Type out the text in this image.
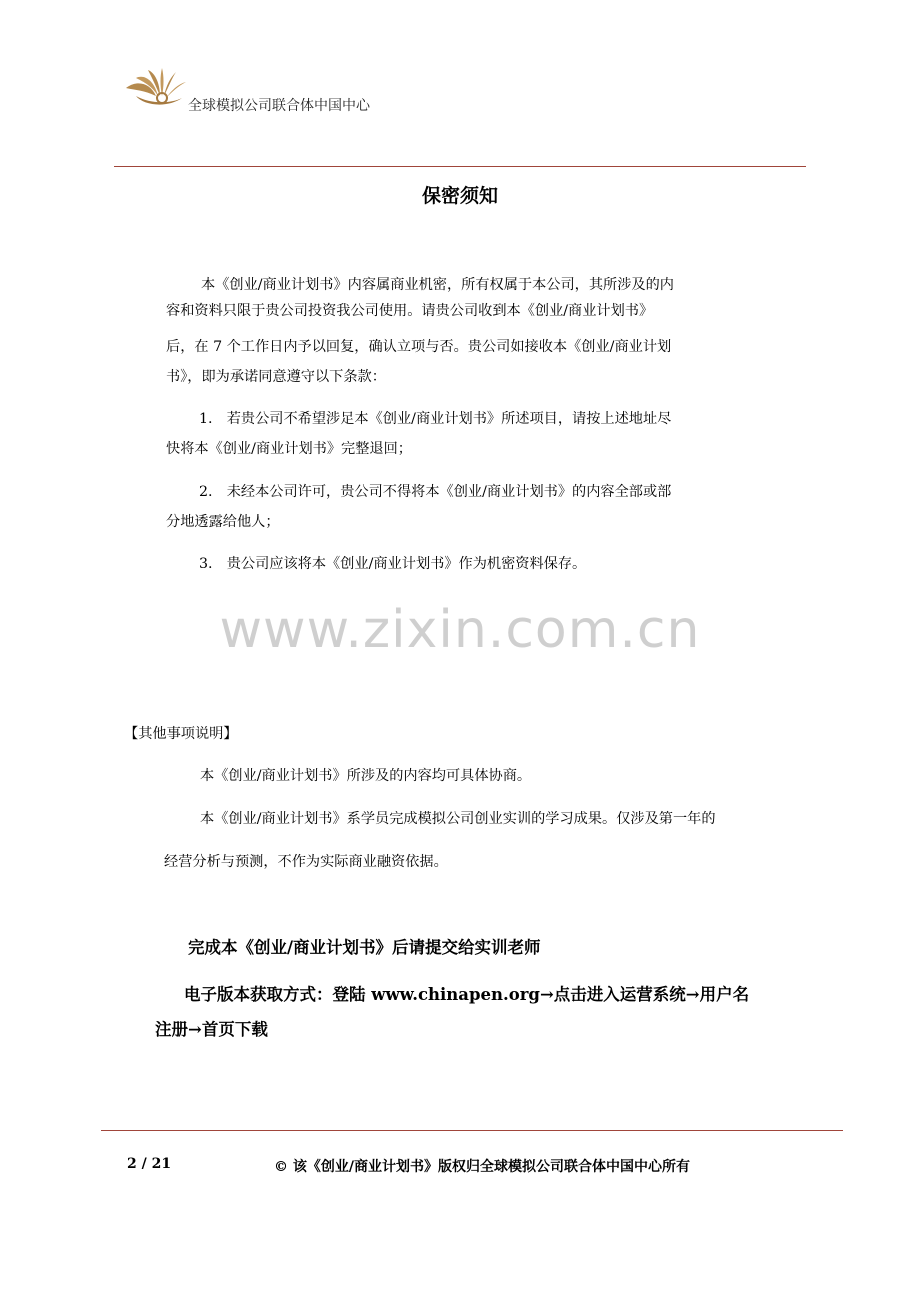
全球模拟公司联合体中国中心
保密须知
本《创业/商业计划书》内容属商业机密，所有权属于本公司，其所涉及的内
容和资料只限于贵公司投资我公司使用。请贵公司收到本《创业/商业计划书》
后，在 7 个工作日内予以回复，确认立项与否。贵公司如接收本《创业/商业计划
书》，即为承诺同意遵守以下条款：
1.　若贵公司不希望涉足本《创业/商业计划书》所述项目，请按上述地址尽
快将本《创业/商业计划书》完整退回；
2.　未经本公司许可，贵公司不得将本《创业/商业计划书》的内容全部或部
分地透露给他人；
3.　贵公司应该将本《创业/商业计划书》作为机密资料保存。
www.zixin.com.cn
【其他事项说明】
本《创业/商业计划书》所涉及的内容均可具体协商。
本《创业/商业计划书》系学员完成模拟公司创业实训的学习成果。仅涉及第一年的
经营分析与预测，不作为实际商业融资依据。
完成本《创业/商业计划书》后请提交给实训老师
电子版本获取方式：登陆 www.chinapen.org→点击进入运营系统→用户名
注册→首页下载
2 / 21	© 该《创业/商业计划书》版权归全球模拟公司联合体中国中心所有
